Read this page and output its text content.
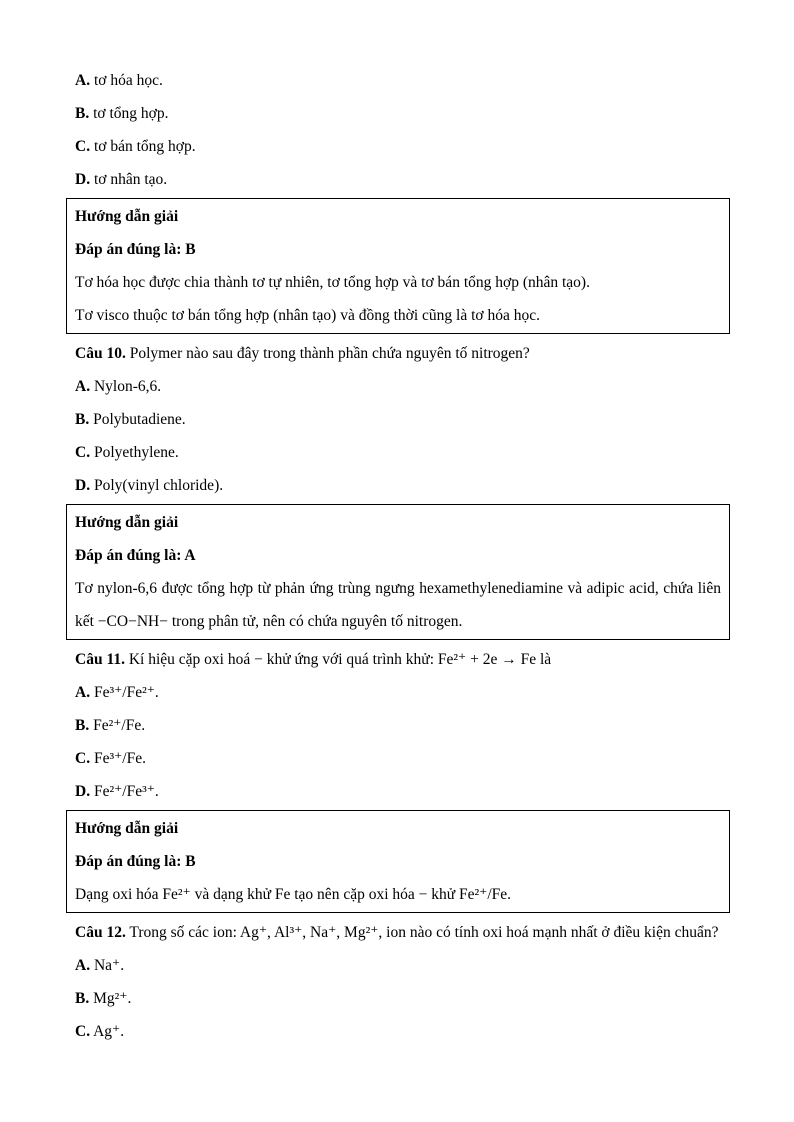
A. tơ hóa học.

B. tơ tổng hợp.

C. tơ bán tổng hợp.

D. tơ nhân tạo.

Hướng dẫn giải

Đáp án đúng là: B

Tơ hóa học được chia thành tơ tự nhiên, tơ tổng hợp và tơ bán tổng hợp (nhân tạo).

Tơ visco thuộc tơ bán tổng hợp (nhân tạo) và đồng thời cũng là tơ hóa học.

Câu 10. Polymer nào sau đây trong thành phần chứa nguyên tố nitrogen?

A. Nylon-6,6.

B. Polybutadiene.

C. Polyethylene.

D. Poly(vinyl chloride).

Hướng dẫn giải

Đáp án đúng là: A

Tơ nylon-6,6 được tổng hợp từ phản ứng trùng ngưng hexamethylenediamine và adipic acid, chứa liên kết −CO−NH− trong phân tử, nên có chứa nguyên tố nitrogen.

Câu 11. Kí hiệu cặp oxi hoá − khử ứng với quá trình khử: Fe²⁺ + 2e → Fe là

A. Fe³⁺/Fe²⁺.

B. Fe²⁺/Fe.

C. Fe³⁺/Fe.

D. Fe²⁺/Fe³⁺.

Hướng dẫn giải

Đáp án đúng là: B

Dạng oxi hóa Fe²⁺ và dạng khử Fe tạo nên cặp oxi hóa − khử Fe²⁺/Fe.

Câu 12. Trong số các ion: Ag⁺, Al³⁺, Na⁺, Mg²⁺, ion nào có tính oxi hoá mạnh nhất ở điều kiện chuẩn?

A. Na⁺.

B. Mg²⁺.

C. Ag⁺.
